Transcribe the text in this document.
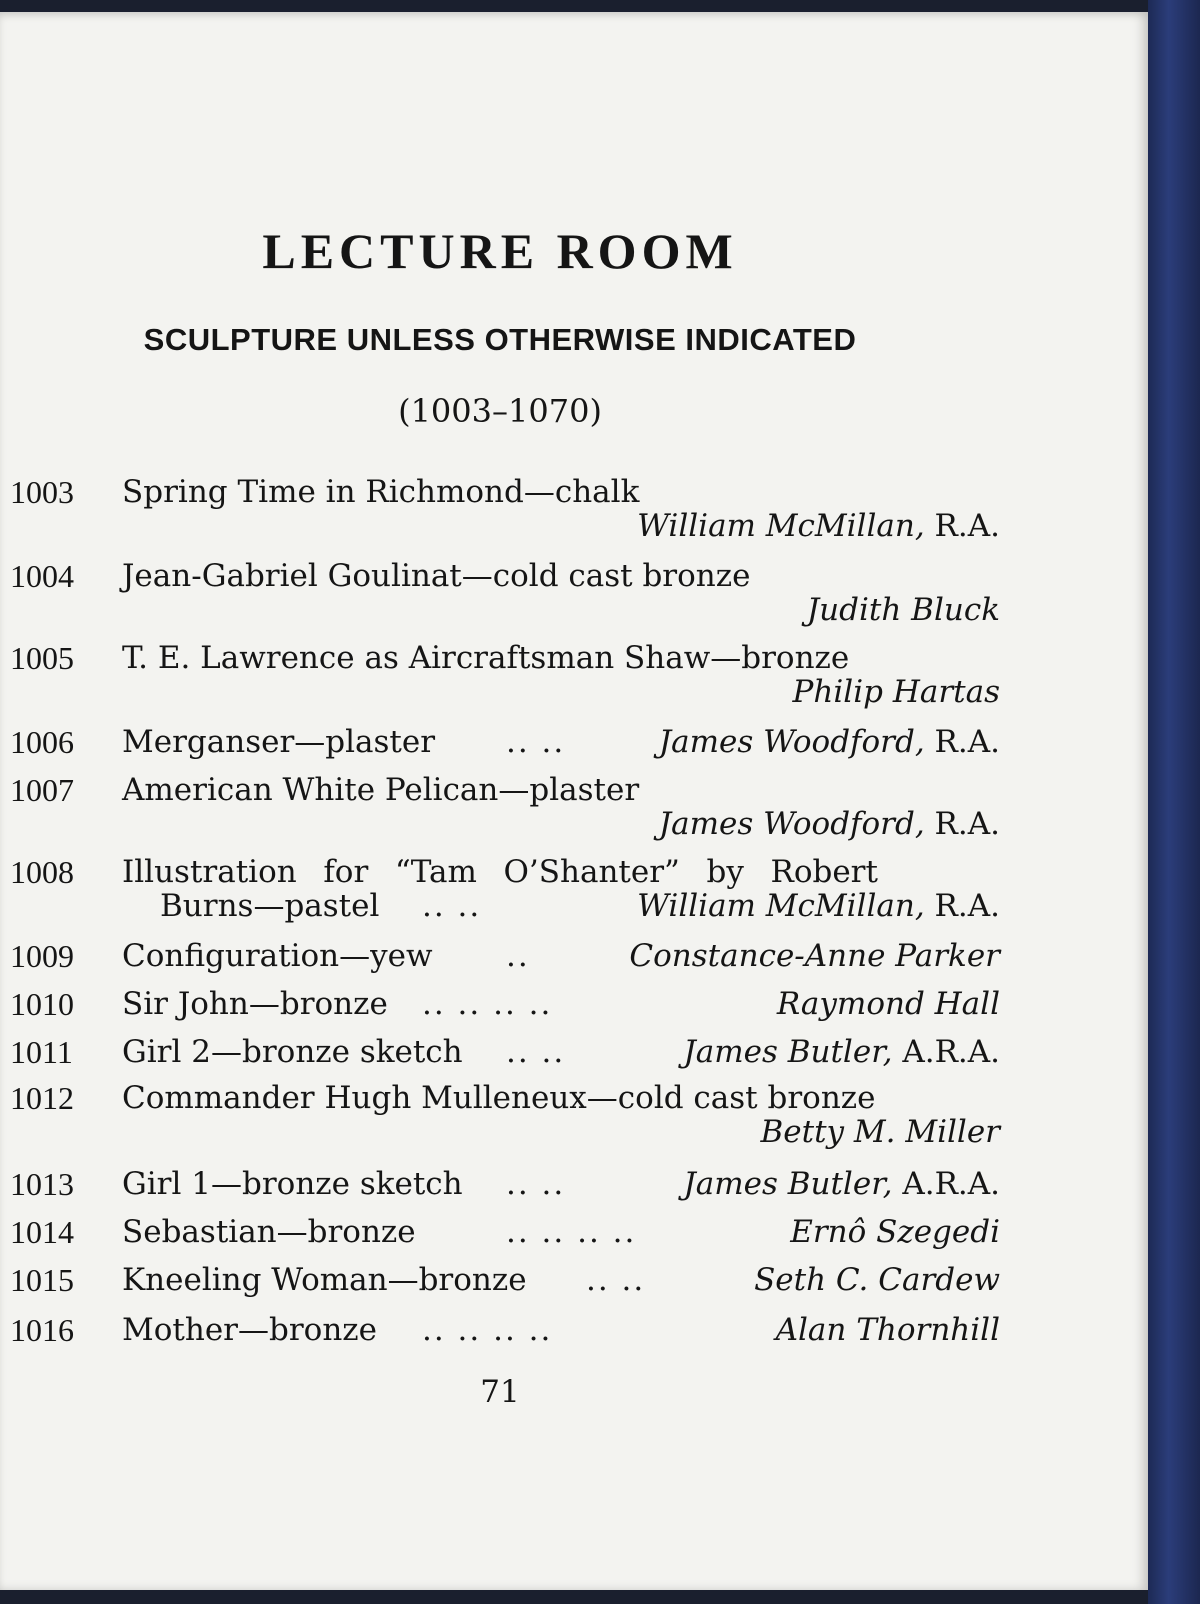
LECTURE ROOM
SCULPTURE UNLESS OTHERWISE INDICATED
(1003–1070)
1003 Spring Time in Richmond—chalk
William McMillan, R.A.
1004 Jean-Gabriel Goulinat—cold cast bronze
Judith Bluck
1005 T. E. Lawrence as Aircraftsman Shaw—bronze
Philip Hartas
1006 Merganser—plaster .. ..	James Woodford, R.A.
1007 American White Pelican—plaster
James Woodford, R.A.
1008 Illustration for “Tam O’Shanter” by Robert
Burns—pastel .. ..	William McMillan, R.A.
1009 Configuration—yew ..	Constance-Anne Parker
1010 Sir John—bronze .. .. .. ..	Raymond Hall
1011 Girl 2—bronze sketch .. ..	James Butler, A.R.A.
1012 Commander Hugh Mulleneux—cold cast bronze
Betty M. Miller
1013 Girl 1—bronze sketch .. ..	James Butler, A.R.A.
1014 Sebastian—bronze	.. .. .. ..	Ernô Szegedi
1015 Kneeling Woman—bronze .. ..	Seth C. Cardew
1016 Mother—bronze .. .. .. ..	Alan Thornhill
71
